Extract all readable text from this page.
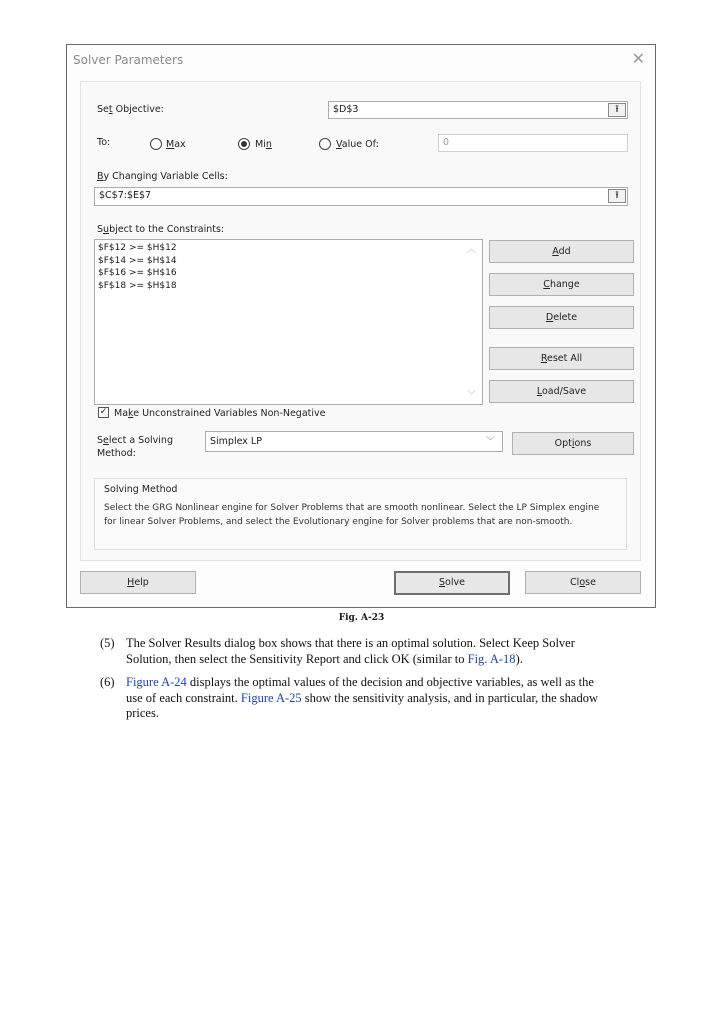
Solver Parameters	✕
Set Objective:	$D$3	⭱
To:	Max	Min	Value Of:	0
By Changing Variable Cells:
$C$7:$E$7	⭱
Subject to the Constraints:
$F$12 >= $H$12
$F$14 >= $H$14
$F$16 >= $H$16
$F$18 >= $H$18
︿
﹀
Add
Change
Delete
Reset All
Load/Save
✓ Make Unconstrained Variables Non-Negative
Select a Solving
Method:
Simplex LP	﹀	Options
Solving Method
Select the GRG Nonlinear engine for Solver Problems that are smooth nonlinear. Select the LP Simplex engine
for linear Solver Problems, and select the Evolutionary engine for Solver problems that are non-smooth.
Help	Solve	Close
Fig. A-23
(5) The Solver Results dialog box shows that there is an optimal solution. Select Keep Solver
Solution, then select the Sensitivity Report and click OK (similar to Fig. A-18).
(6) Figure A-24 displays the optimal values of the decision and objective variables, as well as the
use of each constraint. Figure A-25 show the sensitivity analysis, and in particular, the shadow
prices.
